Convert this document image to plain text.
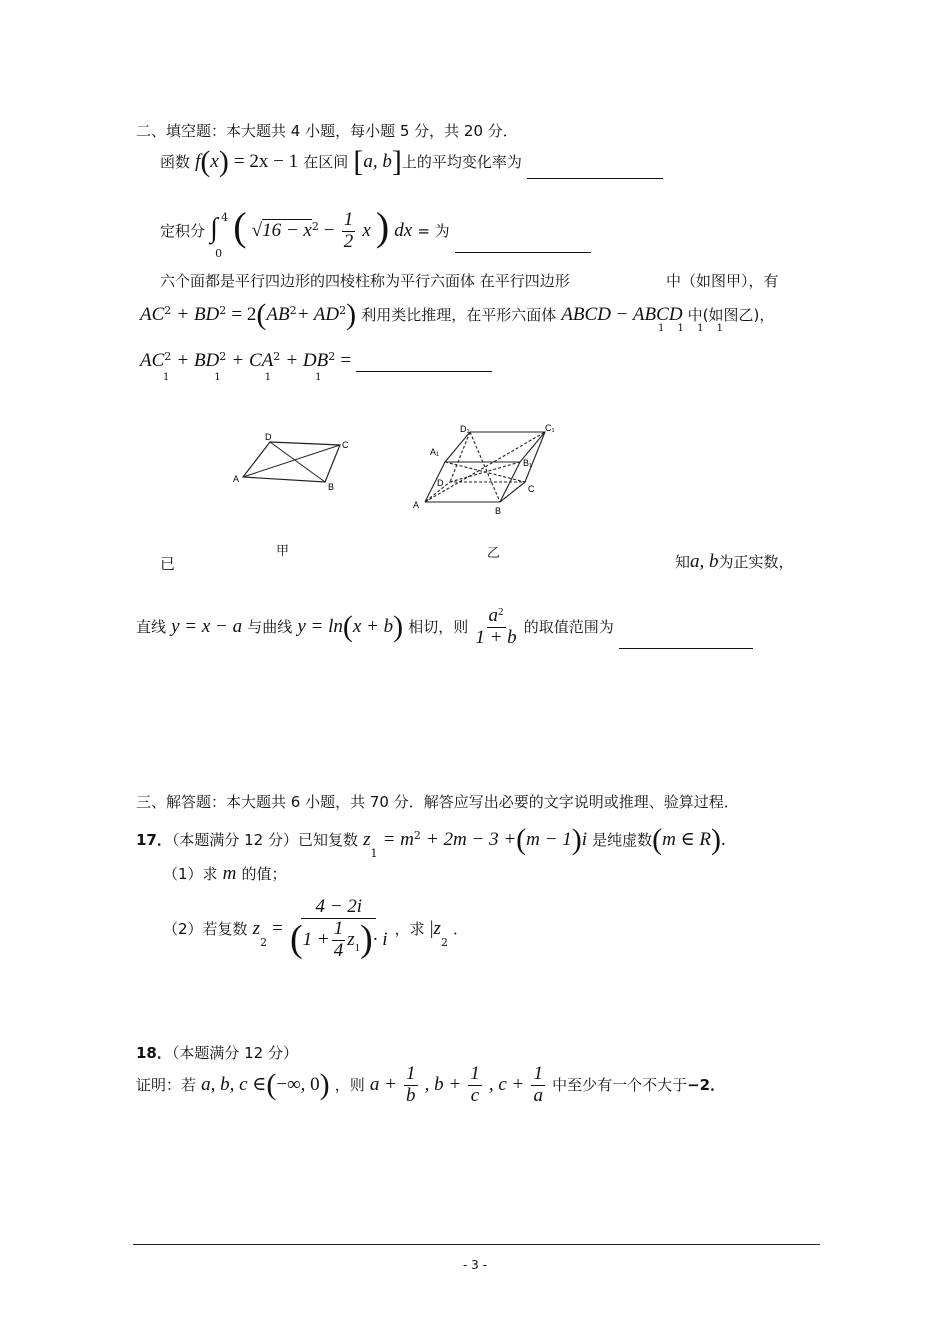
二、填空题：本大题共 4 小题，每小题 5 分，共 20 分．
函数 f(x) = 2x − 1 在区间 [a, b]上的平均变化率为
定积分 ∫ 4
0
( $√16 - x^2 - \frac{1}{2}$ x ) dx = 为
六个面都是平行四边形的四棱柱称为平行六面体 在平行四边形	中（如图甲），有
$AC^2 + BD^2 = 2(AB^2+ AD^2)$ 利用类比推理，在平形六面体 ABCD − ABCD 中(如图乙)，
1 1 1 1
$AC^2 + BD^2 + CA^2 + DB^2$ =
1	1	1	1
D
C
A
B
D₁	C₁
A₁
B₁
D
C
A
B
甲	乙
已	知a, b为正实数，
直线 y = x − a 与曲线 y = ln(x + b) 相切，则 $\frac{a^2}{1 + b}$ 的取值范围为
三、解答题：本大题共 6 小题，共 70 分．解答应写出必要的文字说明或推理、验算过程．
17．（本题满分 12 分）已知复数 $z_1 = m^2 + 2m - 3 +(m - 1)i$ 是纯虚数(m ∈ R).
（1）求 m 的值；
（2）若复数 $z_2 = \frac{4 - 2i}{( 1 + \frac{1}{4} z 1 ) \cdot i}$ ，求 $|z_2$ ．
18．（本题满分 12 分）
证明：若 a, b, c ∈(−∞, 0) ，则 $a + \frac{1}{b}$ , $b + \frac{1}{c}$ , $c + \frac{1}{a}$ 中至少有一个不大于−2．
- 3 -
